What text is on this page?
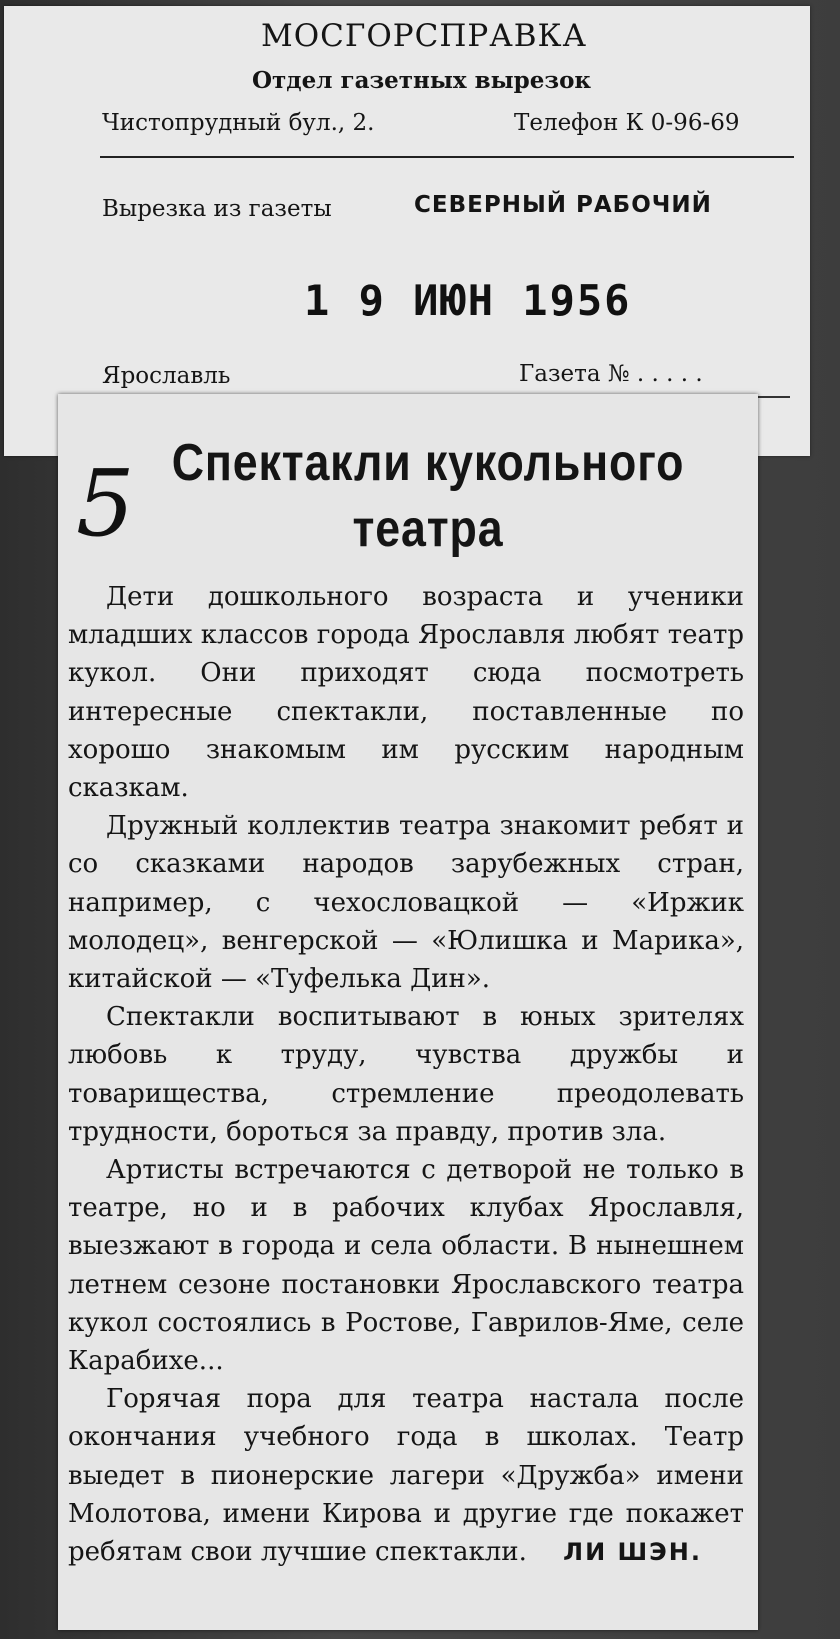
МОСГОРСПРАВКА
Отдел газетных вырезок
Чистопрудный бул., 2.	Телефон К 0-96-69
Вырезка из газеты	СЕВЕРНЫЙ РАБОЧИЙ
1 9 ИЮН 1956
Ярославль	Газета № . . . . .
5 Спектакли кукольного театра

Дети дошкольного возраста и ученики младших классов города Ярославля любят театр кукол. Они приходят сюда посмотреть интересные спектакли, поставленные по хорошо знакомым им русским народным сказкам.

Дружный коллектив театра знакомит ребят и со сказками народов зарубежных стран, например, с чехословацкой — «Иржик молодец», венгерской — «Юлишка и Марика», китайской — «Туфелька Дин».

Спектакли воспитывают в юных зрителях любовь к труду, чувства дружбы и товарищества, стремление преодолевать трудности, бороться за правду, против зла.

Артисты встречаются с детворой не только в театре, но и в рабочих клубах Ярославля, выезжают в города и села области. В нынешнем летнем сезоне постановки Ярославского театра кукол состоялись в Ростове, Гаврилов-Яме, селе Карабихе...

Горячая пора для театра настала после окончания учебного года в школах. Театр выедет в пионерские лагери «Дружба» имени Молотова, имени Кирова и другие где покажет ребятам свои лучшие спектакли.	ЛИ ШЭН.
